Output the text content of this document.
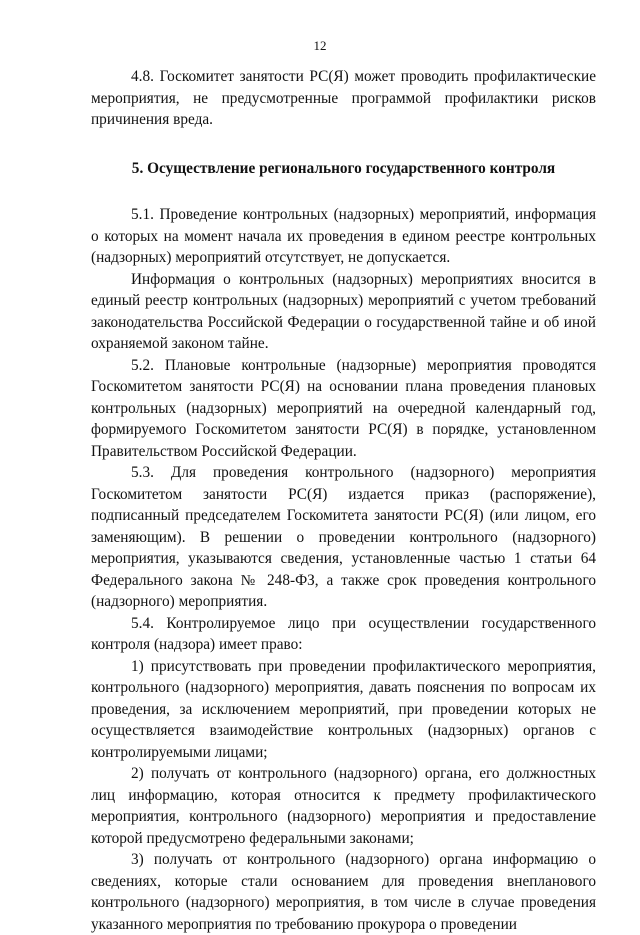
12

4.8. Госкомитет занятости РС(Я) может проводить профилактические мероприятия, не предусмотренные программой профилактики рисков причинения вреда.

5. Осуществление регионального государственного контроля

5.1. Проведение контрольных (надзорных) мероприятий, информация о которых на момент начала их проведения в едином реестре контрольных (надзорных) мероприятий отсутствует, не допускается.

Информация о контрольных (надзорных) мероприятиях вносится в единый реестр контрольных (надзорных) мероприятий с учетом требований законодательства Российской Федерации о государственной тайне и об иной охраняемой законом тайне.

5.2. Плановые контрольные (надзорные) мероприятия проводятся Госкомитетом занятости РС(Я) на основании плана проведения плановых контрольных (надзорных) мероприятий на очередной календарный год, формируемого Госкомитетом занятости РС(Я) в порядке, установленном Правительством Российской Федерации.

5.3. Для проведения контрольного (надзорного) мероприятия Госкомитетом занятости РС(Я) издается приказ (распоряжение), подписанный председателем Госкомитета занятости РС(Я) (или лицом, его заменяющим). В решении о проведении контрольного (надзорного) мероприятия, указываются сведения, установленные частью 1 статьи 64 Федерального закона № 248-ФЗ, а также срок проведения контрольного (надзорного) мероприятия.

5.4. Контролируемое лицо при осуществлении государственного контроля (надзора) имеет право:

1) присутствовать при проведении профилактического мероприятия, контрольного (надзорного) мероприятия, давать пояснения по вопросам их проведения, за исключением мероприятий, при проведении которых не осуществляется взаимодействие контрольных (надзорных) органов с контролируемыми лицами;

2) получать от контрольного (надзорного) органа, его должностных лиц информацию, которая относится к предмету профилактического мероприятия, контрольного (надзорного) мероприятия и предоставление которой предусмотрено федеральными законами;

3) получать от контрольного (надзорного) органа информацию о сведениях, которые стали основанием для проведения внепланового контрольного (надзорного) мероприятия, в том числе в случае проведения указанного мероприятия по требованию прокурора о проведении
